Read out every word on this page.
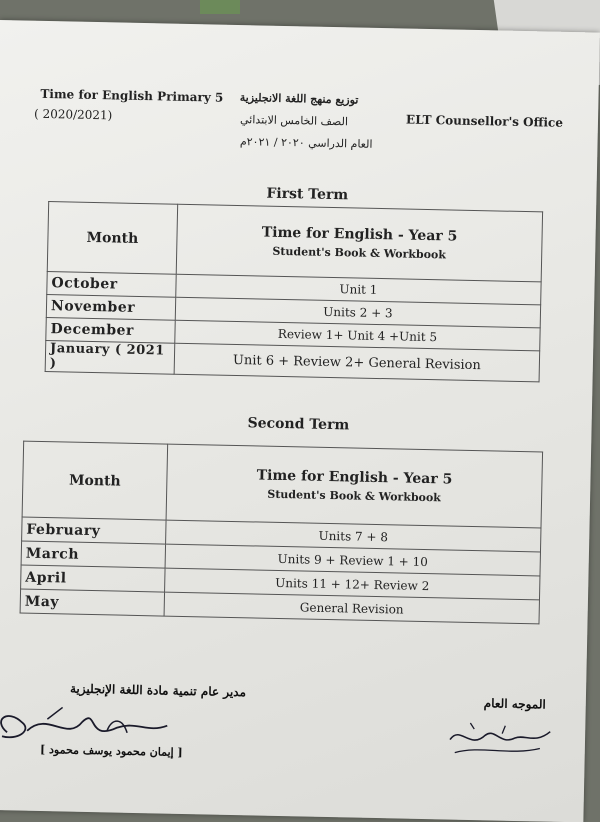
Time for English Primary 5
( 2020/2021)
توزيع منهج اللغة الانجليزية
الصف الخامس الابتدائي
العام الدراسي ٢٠٢٠ / ٢٠٢١م
ELT Counsellor's Office
First Term
Month	Time for English - Year 5
Student's Book & Workbook

October	Unit 1
November	Units 2 + 3
December	Review 1+ Unit 4 +Unit 5
January ( 2021 )	Unit 6 + Review 2+ General Revision
Second Term
Month	Time for English - Year 5
Student's Book & Workbook

February	Units 7 + 8
March	Units 9 + Review 1 + 10
April	Units 11 + 12+ Review 2
May	General Revision
مدير عام تنمية مادة اللغة الإنجليزية
[ إيمان محمود يوسف محمود ]
الموجه العام
